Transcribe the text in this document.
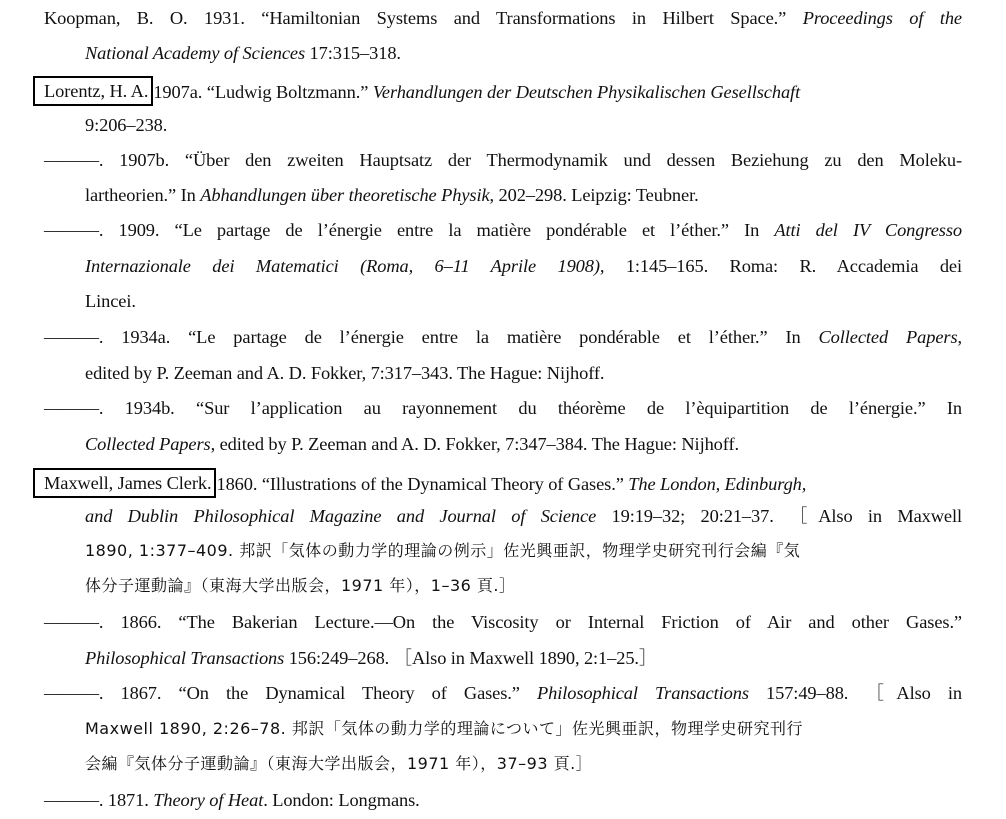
Koopman, B. O. 1931. “Hamiltonian Systems and Transformations in Hilbert Space.” Proceedings of the
National Academy of Sciences 17:315–318.
Lorentz, H. A. 1907a. “Ludwig Boltzmann.” Verhandlungen der Deutschen Physikalischen Gesellschaft
9:206–238.
———. 1907b. “Über den zweiten Hauptsatz der Thermodynamik und dessen Beziehung zu den Moleku-
lartheorien.” In Abhandlungen über theoretische Physik, 202–298. Leipzig: Teubner.
———. 1909. “Le partage de l’énergie entre la matière pondérable et l’éther.” In Atti del IV Congresso
Internazionale dei Matematici (Roma, 6–11 Aprile 1908), 1:145–165. Roma: R. Accademia dei
Lincei.
———. 1934a. “Le partage de l’énergie entre la matière pondérable et l’éther.” In Collected Papers,
edited by P. Zeeman and A. D. Fokker, 7:317–343. The Hague: Nijhoff.
———. 1934b. “Sur l’application au rayonnement du théorème de l’èquipartition de l’énergie.” In
Collected Papers, edited by P. Zeeman and A. D. Fokker, 7:347–384. The Hague: Nijhoff.
Maxwell, James Clerk. 1860. “Illustrations of the Dynamical Theory of Gases.” The London, Edinburgh,
and Dublin Philosophical Magazine and Journal of Science 19:19–32; 20:21–37. ［Also in Maxwell
1890, 1:377–409. 邦訳「気体の動力学的理論の例示」佐光興亜訳，物理学史研究刊行会編『気
体分子運動論』（東海大学出版会，1971 年），1–36 頁.］
———. 1866. “The Bakerian Lecture.—On the Viscosity or Internal Friction of Air and other Gases.”
Philosophical Transactions 156:249–268. ［Also in Maxwell 1890, 2:1–25.］
———. 1867. “On the Dynamical Theory of Gases.” Philosophical Transactions 157:49–88. ［Also in
Maxwell 1890, 2:26–78. 邦訳「気体の動力学的理論について」佐光興亜訳，物理学史研究刊行
会編『気体分子運動論』（東海大学出版会，1971 年），37–93 頁.］
———. 1871. Theory of Heat. London: Longmans.
